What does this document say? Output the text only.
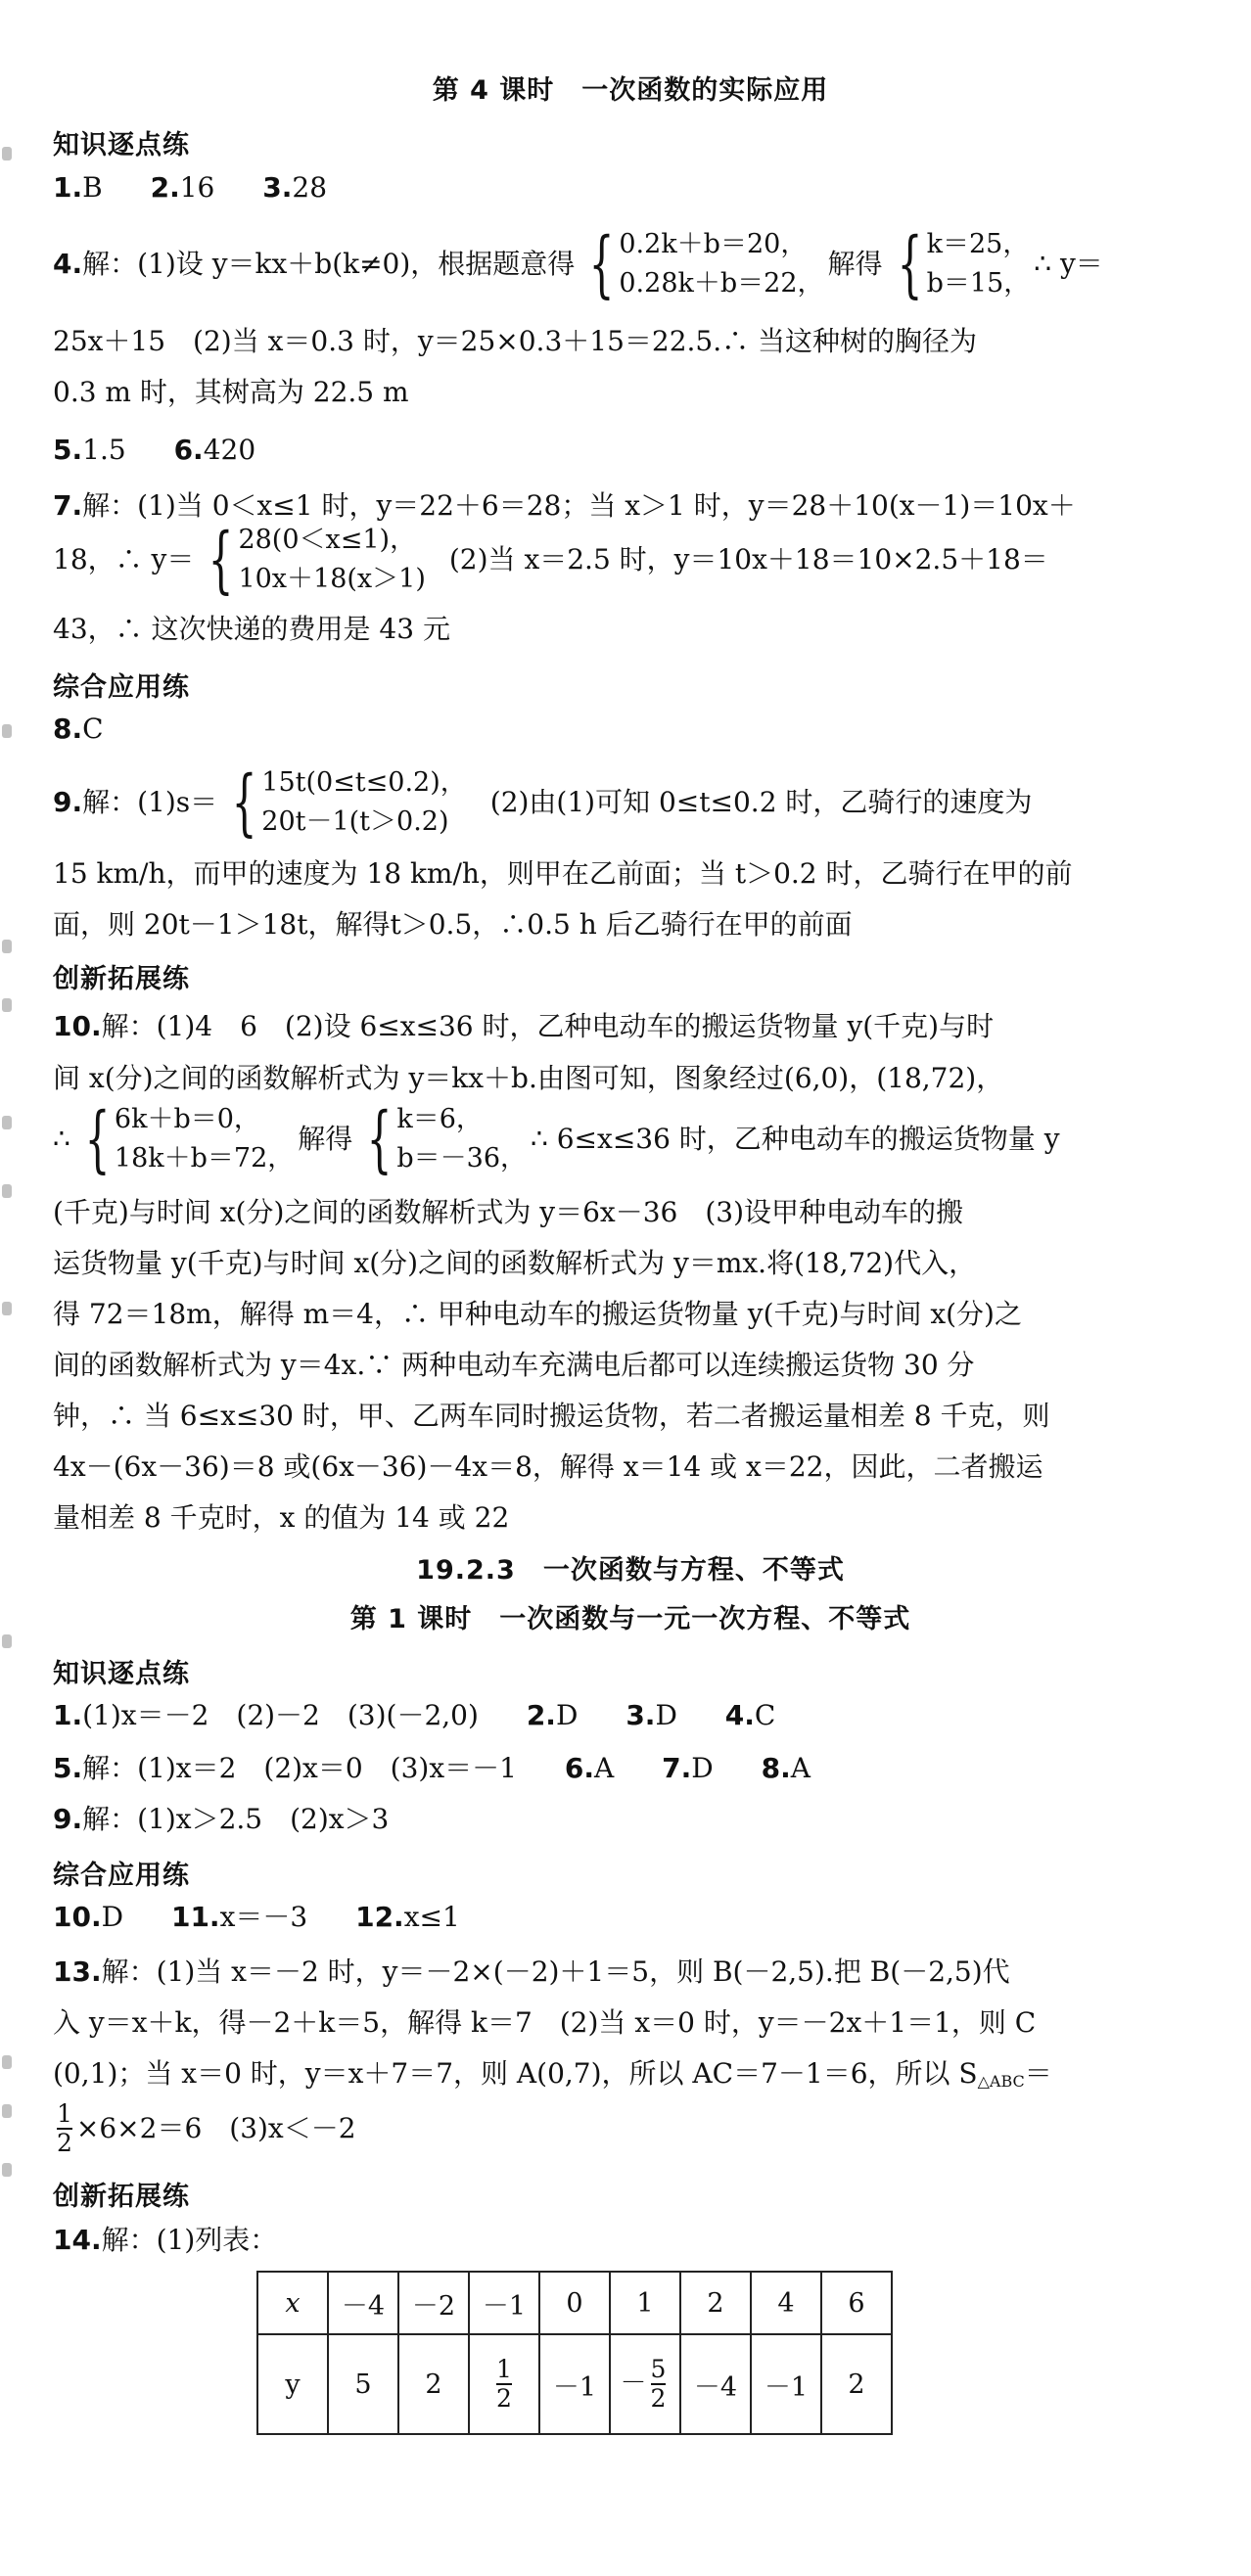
第 4 课时　一次函数的实际应用
知识逐点练
1.B 2.16 3.28
4. 解：(1)设 y＝kx＋b(k≠0)，根据题意得 { 0.2k＋b＝20，
0.28k＋b＝22，
解得 { k＝25，
b＝15，
∴ y＝
25x＋15　(2)当 x＝0.3 时，y＝25×0.3＋15＝22.5.∴ 当这种树的胸径为
0.3 m 时，其树高为 22.5 m
5.1.5 6.420
7.解：(1)当 0＜x≤1 时，y＝22＋6＝28；当 x＞1 时，y＝28＋10(x－1)＝10x＋
18，∴ y＝ { 28(0＜x≤1)，
10x＋18(x＞1)
(2)当 x＝2.5 时，y＝10x＋18＝10×2.5＋18＝
43，∴ 这次快递的费用是 43 元
综合应用练
8.C
9. 解：(1)s＝ { 15t(0≤t≤0.2)，
20t－1(t＞0.2)
(2)由(1)可知 0≤t≤0.2 时，乙骑行的速度为
15 km/h，而甲的速度为 18 km/h，则甲在乙前面；当 t＞0.2 时，乙骑行在甲的前
面，则 20t－1＞18t，解得t＞0.5，∴0.5 h 后乙骑行在甲的前面
创新拓展练
10.解：(1)4　6　(2)设 6≤x≤36 时，乙种电动车的搬运货物量 y(千克)与时
间 x(分)之间的函数解析式为 y＝kx＋b.由图可知，图象经过(6,0)，(18,72)，
∴ { 6k＋b＝0，
18k＋b＝72，
解得 { k＝6，
b＝－36，
∴ 6≤x≤36 时，乙种电动车的搬运货物量 y
(千克)与时间 x(分)之间的函数解析式为 y＝6x－36　(3)设甲种电动车的搬
运货物量 y(千克)与时间 x(分)之间的函数解析式为 y＝mx.将(18,72)代入，
得 72＝18m，解得 m＝4，∴ 甲种电动车的搬运货物量 y(千克)与时间 x(分)之
间的函数解析式为 y＝4x.∵ 两种电动车充满电后都可以连续搬运货物 30 分
钟，∴ 当 6≤x≤30 时，甲、乙两车同时搬运货物，若二者搬运量相差 8 千克，则
4x－(6x－36)＝8 或(6x－36)－4x＝8，解得 x＝14 或 x＝22，因此，二者搬运
量相差 8 千克时，x 的值为 14 或 22
19.2.3　一次函数与方程、不等式
第 1 课时　一次函数与一元一次方程、不等式
知识逐点练
1.(1)x＝－2　(2)－2　(3)(－2,0) 2.D 3.D 4.C
5.解：(1)x＝2　(2)x＝0　(3)x＝－1 6.A 7.D 8.A
9.解：(1)x＞2.5　(2)x＞3
综合应用练
10.D 11.x＝－3 12.x≤1
13.解：(1)当 x＝－2 时，y＝－2×(－2)＋1＝5，则 B(－2,5).把 B(－2,5)代
入 y＝x＋k，得－2＋k＝5，解得 k＝7　(2)当 x＝0 时，y＝－2x＋1＝1，则 C
(0,1)；当 x＝0 时，y＝x＋7＝7，则 A(0,7)，所以 AC＝7－1＝6，所以 $S_{\triangle ABC}=$
$\frac{1}{2} \times 6\times 2=6$　(3)x＜－2
创新拓展练
14.解：(1)列表：
x	－4	－2	－1	0	1	2	4	6
y	5	2	$\frac{1}{2}$	－1	－ $\frac{5}{2}$	－4	－1	2
